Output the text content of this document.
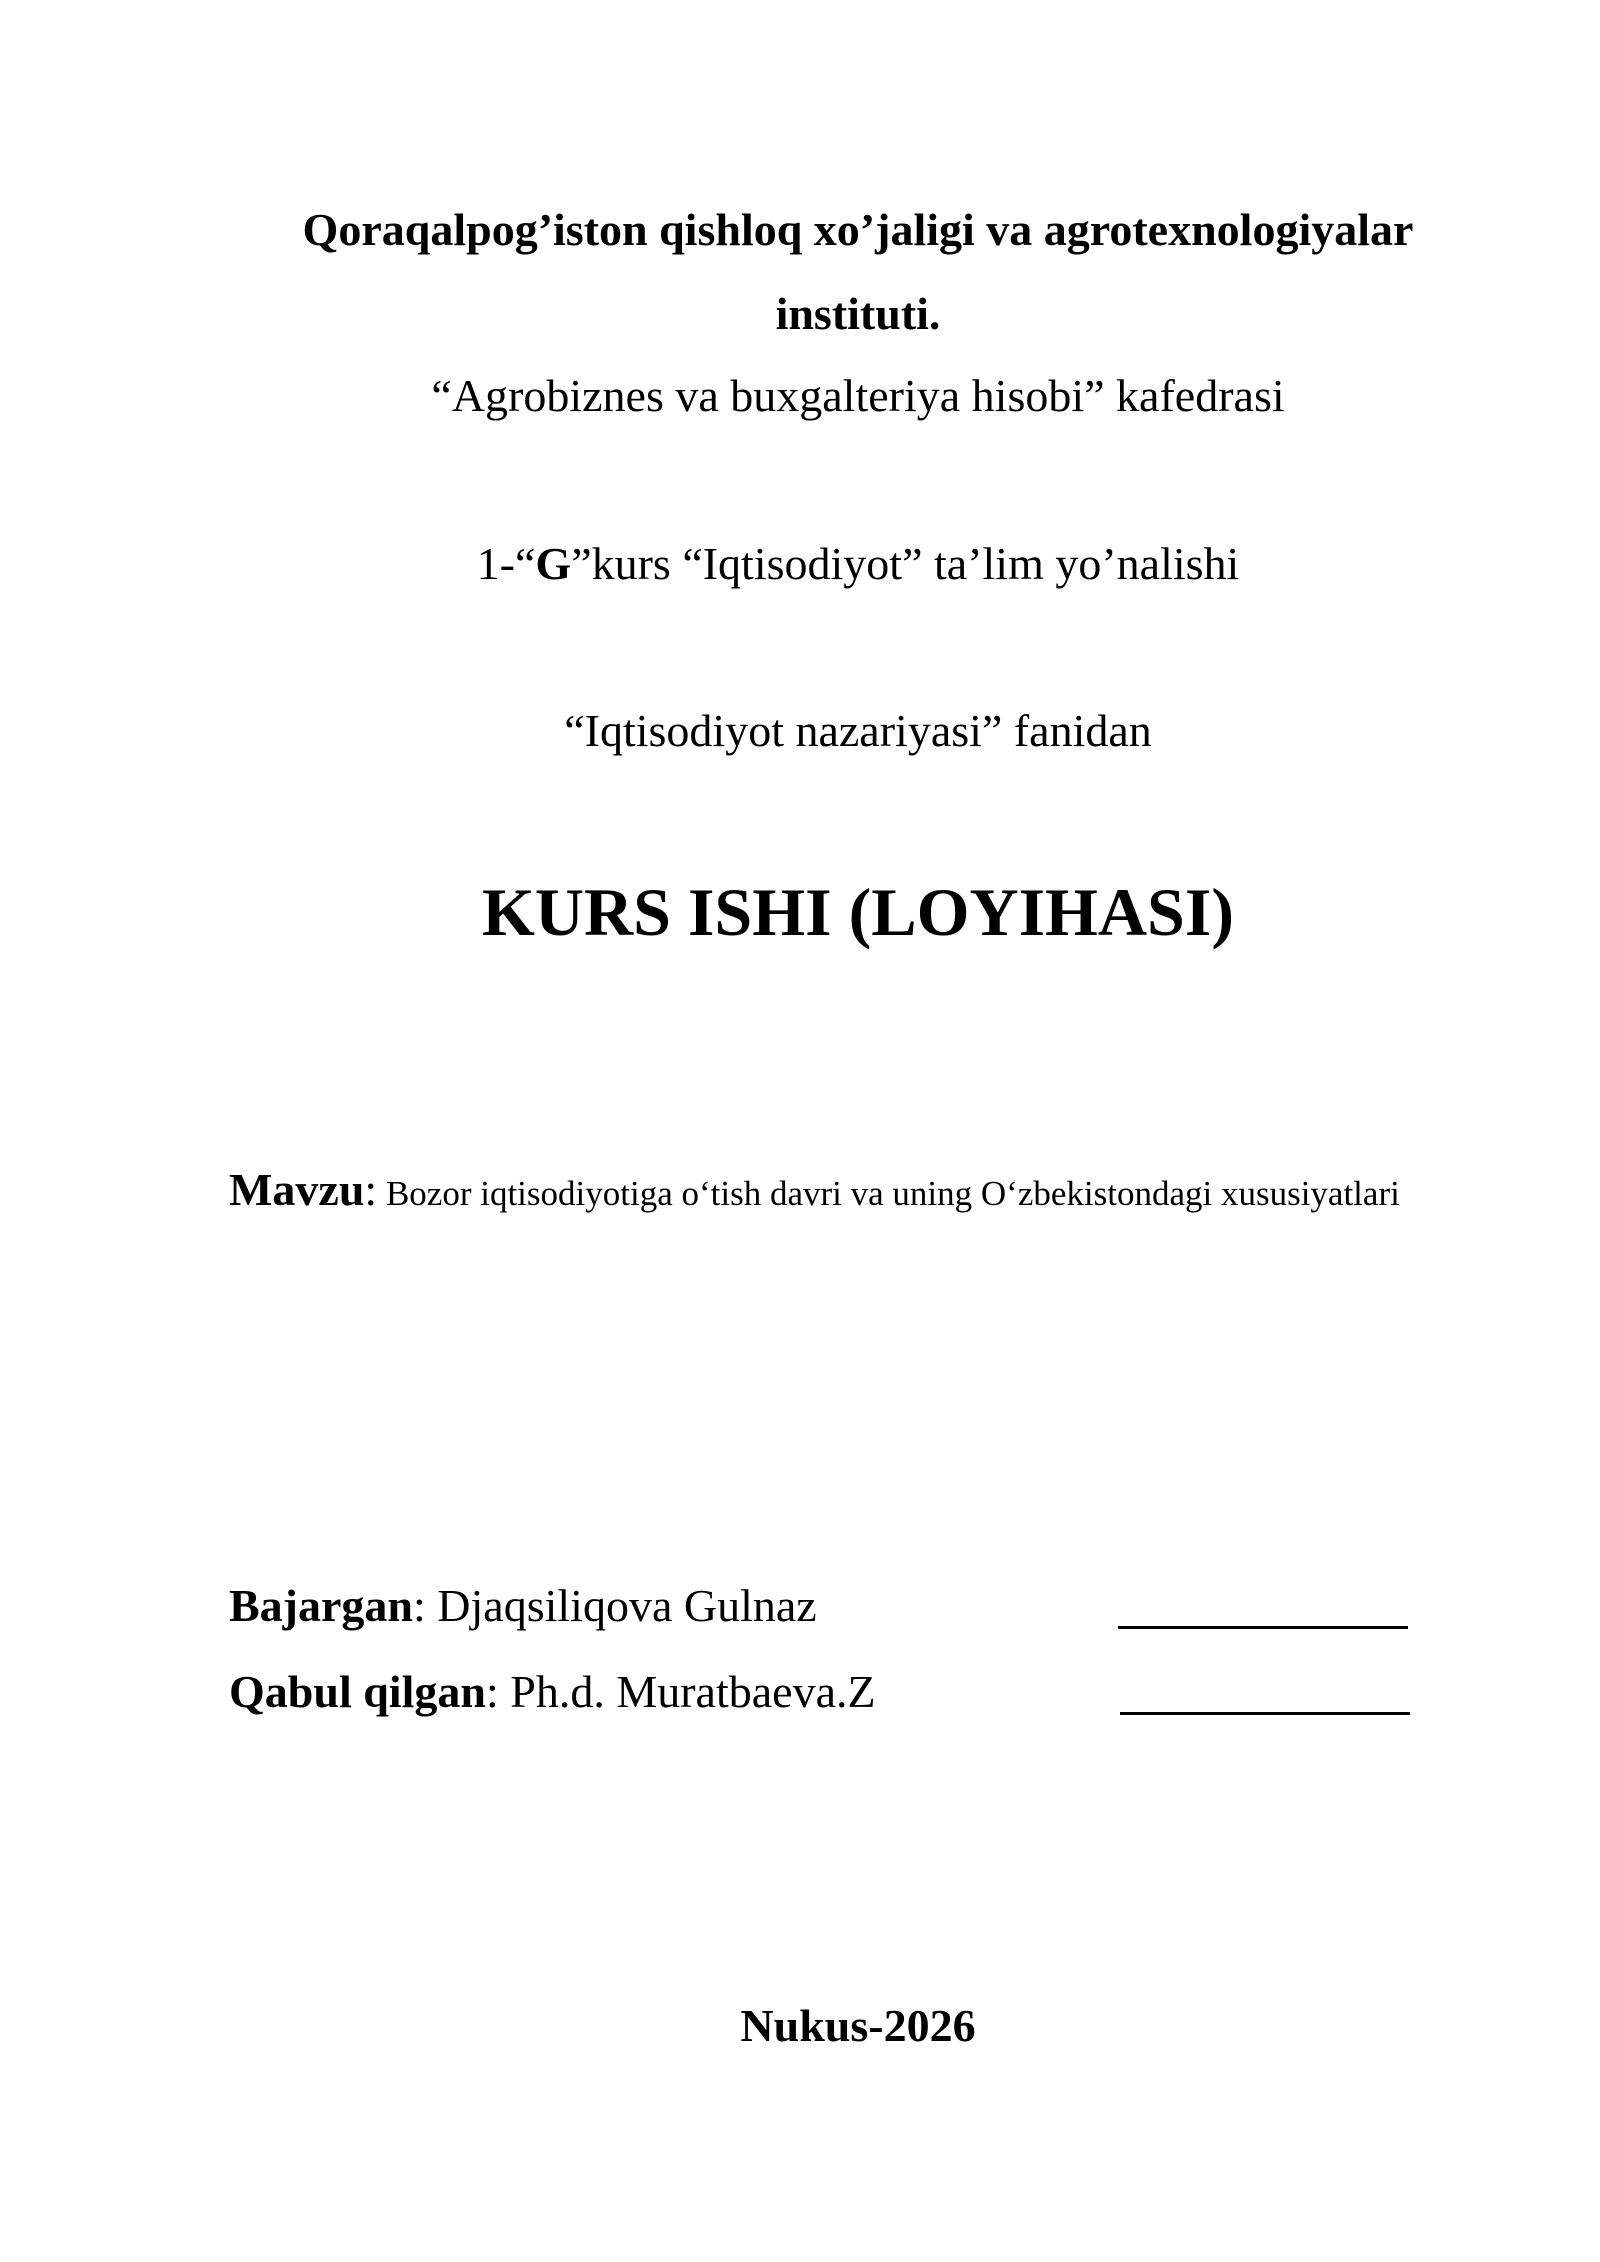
Qoraqalpog’iston qishloq xo’jaligi va agrotexnologiyalar
instituti.
“Agrobiznes va buxgalteriya hisobi” kafedrasi
1-“G”kurs “Iqtisodiyot” ta’lim yo’nalishi
“Iqtisodiyot nazariyasi” fanidan
KURS ISHI (LOYIHASI)
Mavzu: Bozor iqtisodiyotiga o‘tish davri va uning O‘zbekistondagi xususiyatlari
Bajargan: Djaqsiliqova Gulnaz
Qabul qilgan: Ph.d. Muratbaeva.Z
Nukus-2026
